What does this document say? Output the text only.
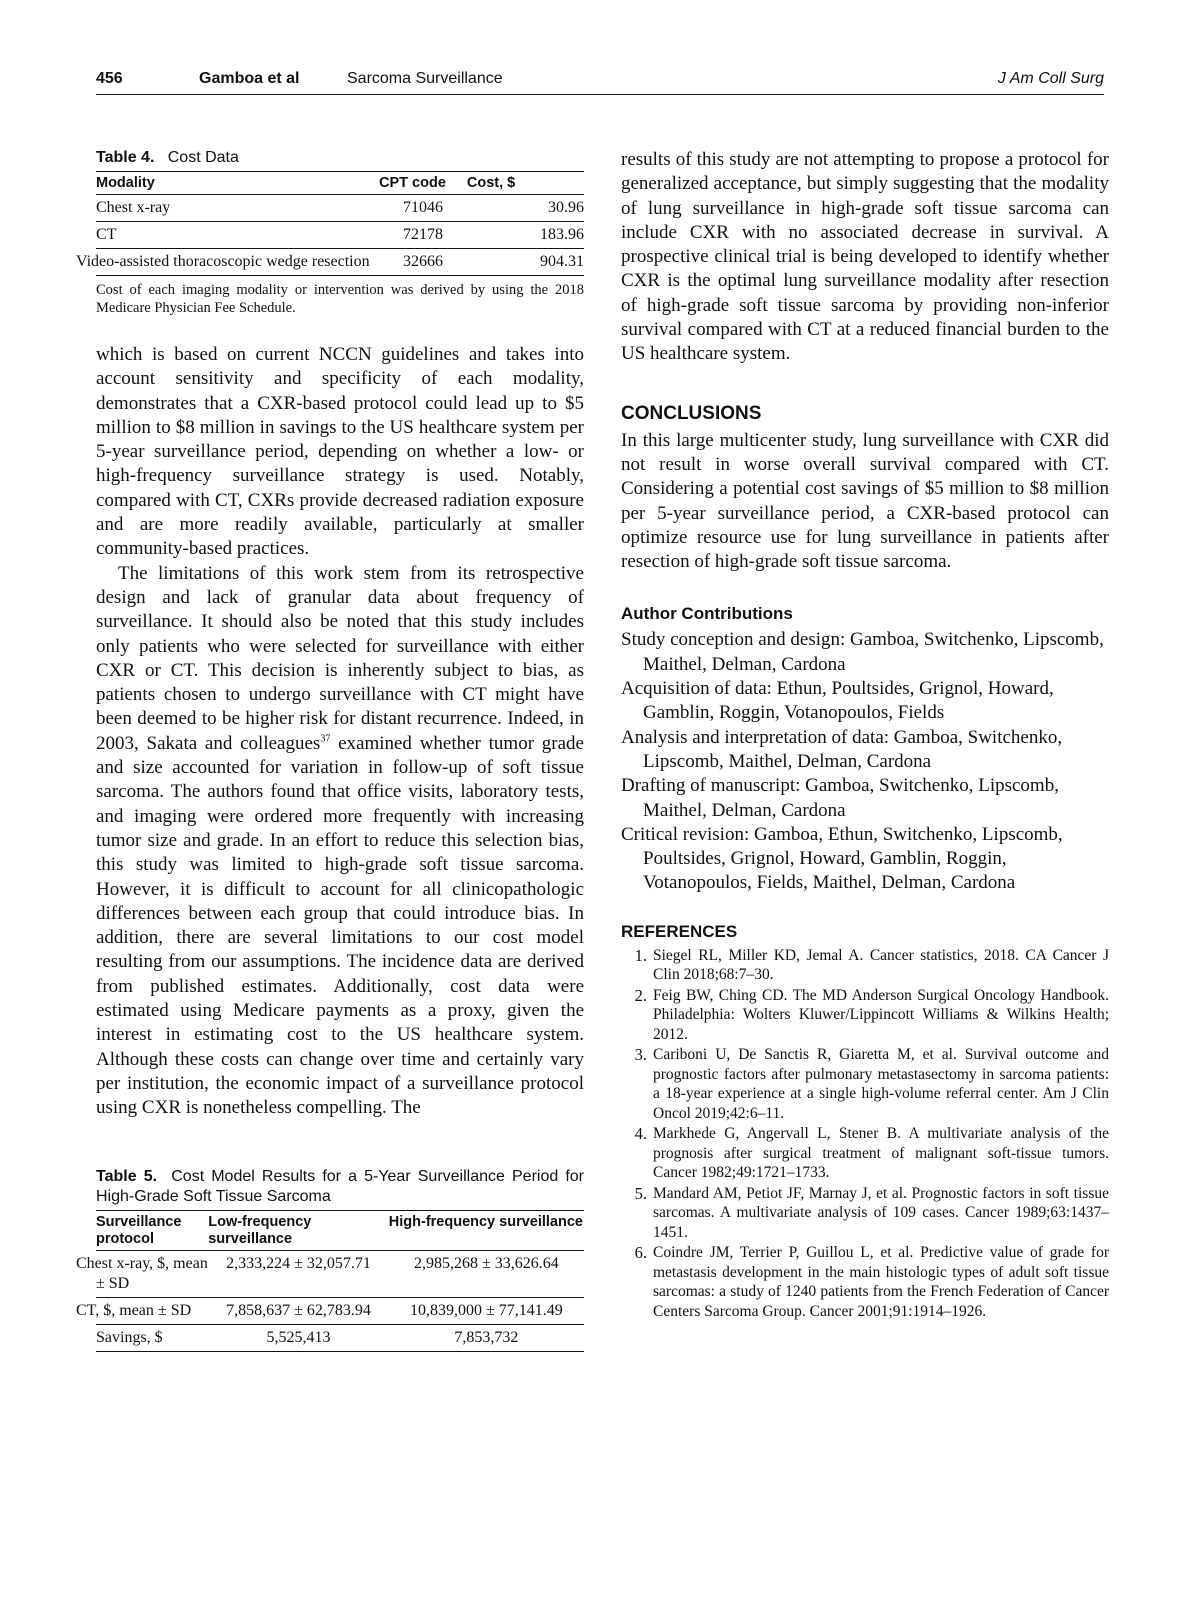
456	Gamboa et al	Sarcoma Surveillance	J Am Coll Surg
Table 4. Cost Data
Modality	CPT code	Cost, $
Chest x-ray	71046	30.96
CT	72178	183.96
Video-assisted thoracoscopic wedge resection	32666	904.31
Cost of each imaging modality or intervention was derived by using the 2018 Medicare Physician Fee Schedule.

which is based on current NCCN guidelines and takes into account sensitivity and specificity of each modality, demonstrates that a CXR-based protocol could lead up to $5 million to $8 million in savings to the US healthcare system per 5-year surveillance period, depending on whether a low- or high-frequency surveillance strategy is used. Notably, compared with CT, CXRs provide decreased radiation exposure and are more readily available, particularly at smaller community-based practices.

The limitations of this work stem from its retrospective design and lack of granular data about frequency of surveillance. It should also be noted that this study includes only patients who were selected for surveillance with either CXR or CT. This decision is inherently subject to bias, as patients chosen to undergo surveillance with CT might have been deemed to be higher risk for distant recurrence. Indeed, in 2003, Sakata and colleagues$^{37}$ examined whether tumor grade and size accounted for variation in follow-up of soft tissue sarcoma. The authors found that office visits, laboratory tests, and imaging were ordered more frequently with increasing tumor size and grade. In an effort to reduce this selection bias, this study was limited to high-grade soft tissue sarcoma. However, it is difficult to account for all clinicopathologic differences between each group that could introduce bias. In addition, there are several limitations to our cost model resulting from our assumptions. The incidence data are derived from published estimates. Additionally, cost data were estimated using Medicare payments as a proxy, given the interest in estimating cost to the US healthcare system. Although these costs can change over time and certainly vary per institution, the economic impact of a surveillance protocol using CXR is nonetheless compelling. The

Table 5. Cost Model Results for a 5-Year Surveillance Period for High-Grade Soft Tissue Sarcoma
Surveillance protocol	Low-frequency surveillance	High-frequency surveillance
Chest x-ray, $, mean ± SD	2,333,224 ± 32,057.71	2,985,268 ± 33,626.64
CT, $, mean ± SD	7,858,637 ± 62,783.94	10,839,000 ± 77,141.49
Savings, $	5,525,413	7,853,732

results of this study are not attempting to propose a protocol for generalized acceptance, but simply suggesting that the modality of lung surveillance in high-grade soft tissue sarcoma can include CXR with no associated decrease in survival. A prospective clinical trial is being developed to identify whether CXR is the optimal lung surveillance modality after resection of high-grade soft tissue sarcoma by providing non-inferior survival compared with CT at a reduced financial burden to the US healthcare system.

CONCLUSIONS

In this large multicenter study, lung surveillance with CXR did not result in worse overall survival compared with CT. Considering a potential cost savings of $5 million to $8 million per 5-year surveillance period, a CXR-based protocol can optimize resource use for lung surveillance in patients after resection of high-grade soft tissue sarcoma.

Author Contributions

Study conception and design: Gamboa, Switchenko, Lipscomb, Maithel, Delman, Cardona

Acquisition of data: Ethun, Poultsides, Grignol, Howard, Gamblin, Roggin, Votanopoulos, Fields

Analysis and interpretation of data: Gamboa, Switchenko, Lipscomb, Maithel, Delman, Cardona

Drafting of manuscript: Gamboa, Switchenko, Lipscomb, Maithel, Delman, Cardona

Critical revision: Gamboa, Ethun, Switchenko, Lipscomb, Poultsides, Grignol, Howard, Gamblin, Roggin, Votanopoulos, Fields, Maithel, Delman, Cardona

REFERENCES
1. Siegel RL, Miller KD, Jemal A. Cancer statistics, 2018. CA Cancer J Clin 2018;68:7–30.
2. Feig BW, Ching CD. The MD Anderson Surgical Oncology Handbook. Philadelphia: Wolters Kluwer/Lippincott Williams & Wilkins Health; 2012.
3. Cariboni U, De Sanctis R, Giaretta M, et al. Survival outcome and prognostic factors after pulmonary metastasectomy in sarcoma patients: a 18-year experience at a single high-volume referral center. Am J Clin Oncol 2019;42:6–11.
4. Markhede G, Angervall L, Stener B. A multivariate analysis of the prognosis after surgical treatment of malignant soft-tissue tumors. Cancer 1982;49:1721–1733.
5. Mandard AM, Petiot JF, Marnay J, et al. Prognostic factors in soft tissue sarcomas. A multivariate analysis of 109 cases. Cancer 1989;63:1437–1451.
6. Coindre JM, Terrier P, Guillou L, et al. Predictive value of grade for metastasis development in the main histologic types of adult soft tissue sarcomas: a study of 1240 patients from the French Federation of Cancer Centers Sarcoma Group. Cancer 2001;91:1914–1926.
